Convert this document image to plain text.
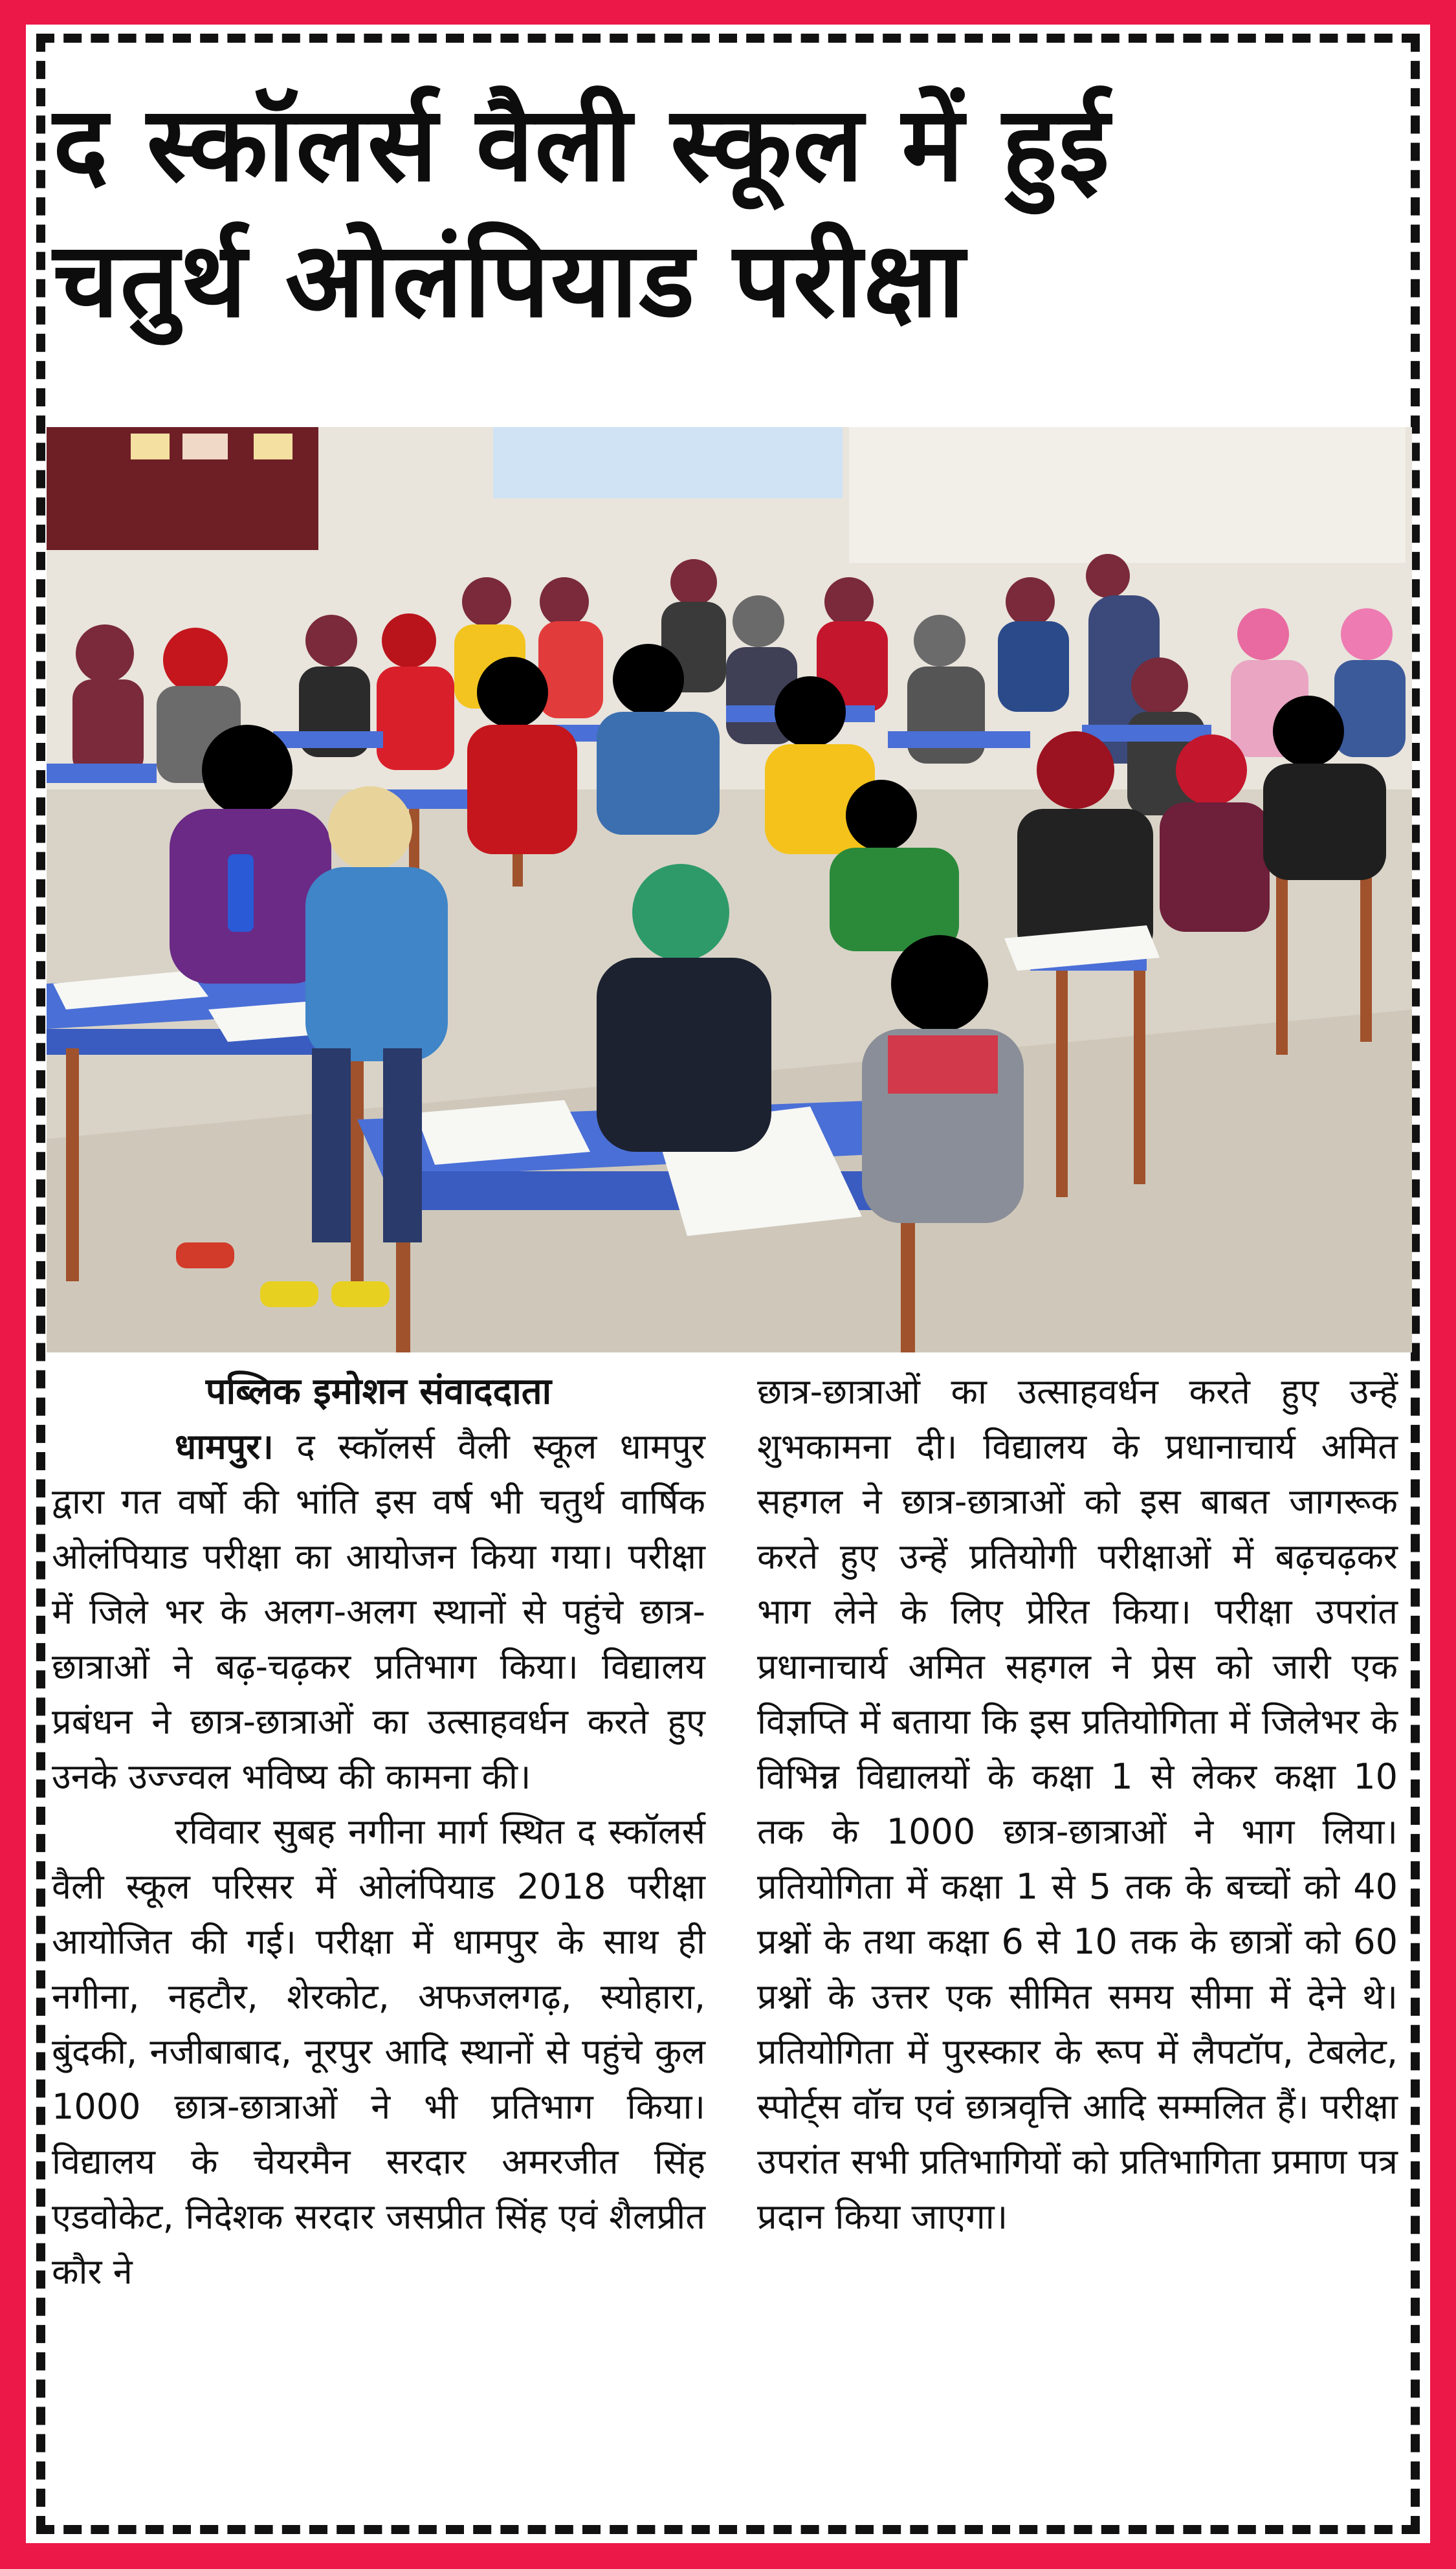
द स्कॉलर्स वैली स्कूल में हुई
चतुर्थ ओलंपियाड परीक्षा
पब्लिक इमोशन संवाददाता

धामपुर। द स्कॉलर्स वैली स्कूल धामपुर द्वारा गत वर्षो की भांति इस वर्ष भी चतुर्थ वार्षिक ओलंपियाड परीक्षा का आयोजन किया गया। परीक्षा में जिले भर के अलग-अलग स्थानों से पहुंचे छात्र-छात्राओं ने बढ़-चढ़कर प्रतिभाग किया। विद्यालय प्रबंधन ने छात्र-छात्राओं का उत्साहवर्धन करते हुए उनके उज्ज्वल भविष्य की कामना की।

रविवार सुबह नगीना मार्ग स्थित द स्कॉलर्स वैली स्कूल परिसर में ओलंपियाड 2018 परीक्षा आयोजित की गई। परीक्षा में धामपुर के साथ ही नगीना, नहटौर, शेरकोट, अफजलगढ़, स्योहारा, बुंदकी, नजीबाबाद, नूरपुर आदि स्थानों से पहुंचे कुल 1000 छात्र-छात्राओं ने भी प्रतिभाग किया। विद्यालय के चेयरमैन सरदार अमरजीत सिंह एडवोकेट, निदेशक सरदार जसप्रीत सिंह एवं शैलप्रीत कौर ने

छात्र-छात्राओं का उत्साहवर्धन करते हुए उन्हें शुभकामना दी। विद्यालय के प्रधानाचार्य अमित सहगल ने छात्र-छात्राओं को इस बाबत जागरूक करते हुए उन्हें प्रतियोगी परीक्षाओं में बढ़चढ़कर भाग लेने के लिए प्रेरित किया। परीक्षा उपरांत प्रधानाचार्य अमित सहगल ने प्रेस को जारी एक विज्ञप्ति में बताया कि इस प्रतियोगिता में जिलेभर के विभिन्न विद्यालयों के कक्षा 1 से लेकर कक्षा 10 तक के 1000 छात्र-छात्राओं ने भाग लिया। प्रतियोगिता में कक्षा 1 से 5 तक के बच्चों को 40 प्रश्नों के तथा कक्षा 6 से 10 तक के छात्रों को 60 प्रश्नों के उत्तर एक सीमित समय सीमा में देने थे। प्रतियोगिता में पुरस्कार के रूप में लैपटॉप, टेबलेट, स्पोर्ट्स वॉच एवं छात्रवृत्ति आदि सम्मलित हैं। परीक्षा उपरांत सभी प्रतिभागियों को प्रतिभागिता प्रमाण पत्र प्रदान किया जाएगा।
